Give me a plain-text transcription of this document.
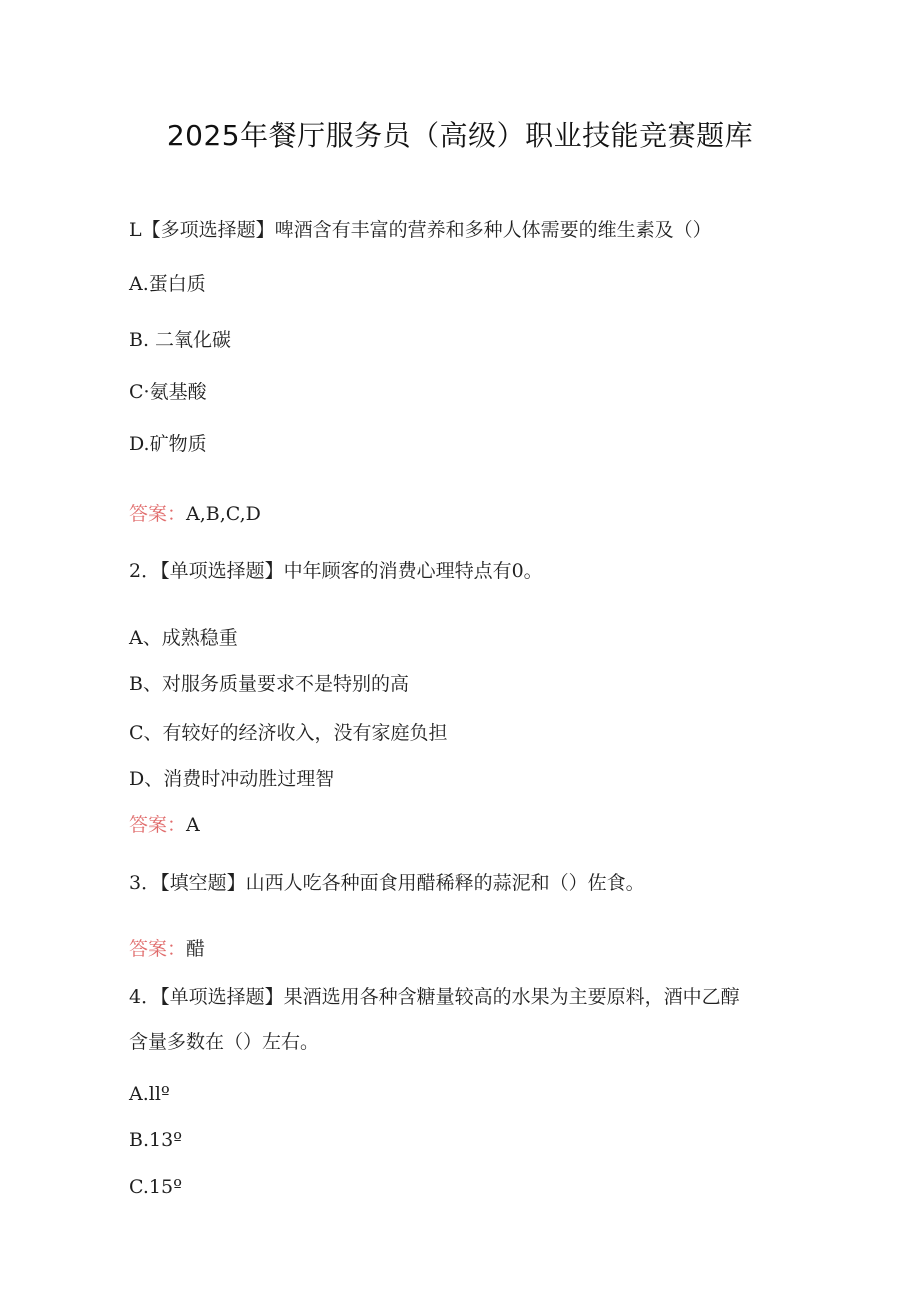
2025年餐厅服务员（高级）职业技能竞赛题库
L【多项选择题】啤酒含有丰富的营养和多种人体需要的维生素及（）
A.蛋白质
B. 二氧化碳
C·氨基酸
D.矿物质
答案：A,B,C,D
2．【单项选择题】中年顾客的消费心理特点有0。
A、成熟稳重
B、对服务质量要求不是特别的高
C、有较好的经济收入，没有家庭负担
D、消费时冲动胜过理智
答案：A
3．【填空题】山西人吃各种面食用醋稀释的蒜泥和（）佐食。
答案：醋
4．【单项选择题】果酒选用各种含糖量较高的水果为主要原料，酒中乙醇
含量多数在（）左右。
A.llº
B.13º
C.15º
